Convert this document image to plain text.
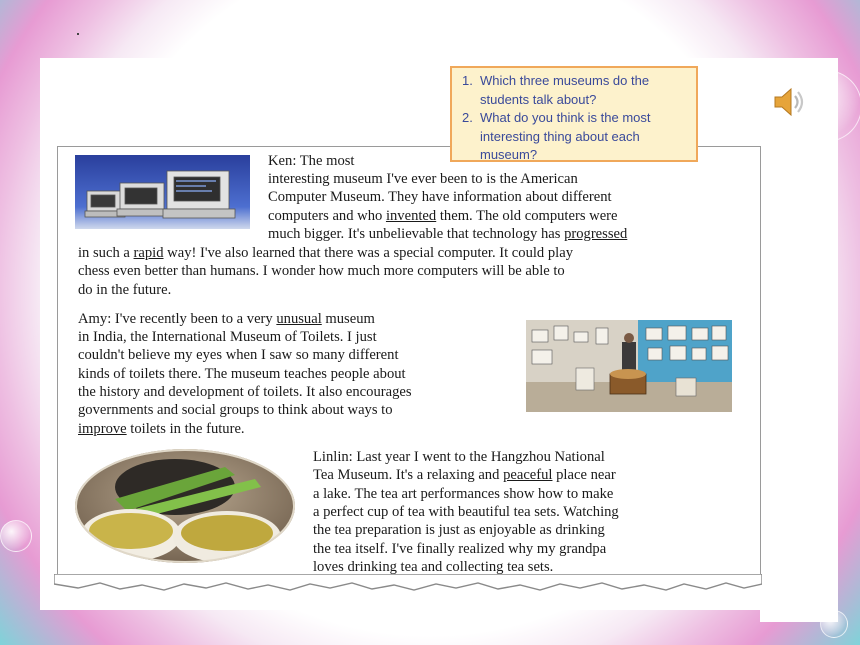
1. Which three museums do the students talk about?
2. What do you think is the most interesting thing about each museum?

Ken: The most

interesting museum I've ever been to is the American

Computer Museum. They have information about different

computers and who invented them. The old computers were

much bigger. It's unbelievable that technology has progressed

in such a rapid way! I've also learned that there was a special computer. It could play

chess even better than humans. I wonder how much more computers will be able to

do in the future.

Amy: I've recently been to a very unusual museum

in India, the International Museum of Toilets. I just

couldn't believe my eyes when I saw so many different

kinds of toilets there. The museum teaches people about

the history and development of toilets. It also encourages

governments and social groups to think about ways to

improve toilets in the future.

Linlin: Last year I went to the Hangzhou National

Tea Museum. It's a relaxing and peaceful place near

a lake. The tea art performances show how to make

a perfect cup of tea with beautiful tea sets. Watching

the tea preparation is just as enjoyable as drinking

the tea itself. I've finally realized why my grandpa

loves drinking tea and collecting tea sets.
